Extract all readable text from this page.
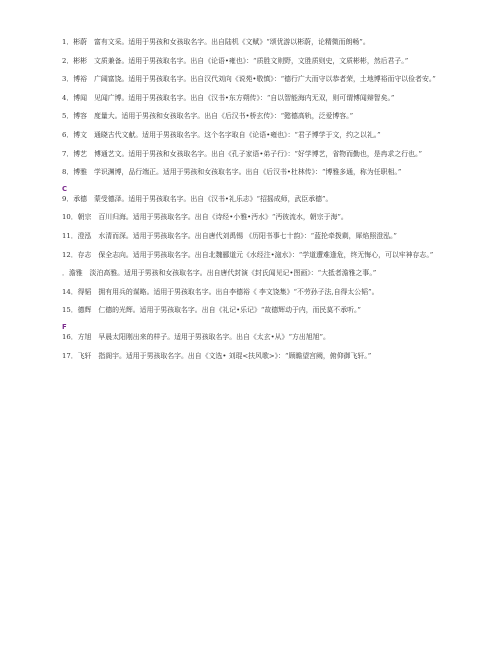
1．彬蔚　富有文采。适用于男孩和女孩取名字。出自陆机《文赋》“颂优游以彬蔚，论精微而朗畅”。

2．彬彬　文质兼备。适用于男孩取名字。出自《论语•雍也》：“质胜文则野，文胜质则史，文质彬彬，然后君子。”

3．博裕　广阔富饶。适用于男孩取名字。出自汉代刘向《说苑•敬慎》：“德行广大而守以恭者荣，土地博裕而守以俭者安。”

4．博闻　见闻广博。适用于男孩取名字。出自《汉书•东方朔传》：“自以智能海内无双，则可谓博闻辩智矣。”

5．博容　度量大。适用于男孩和女孩取名字。出自《后汉书•桥玄传》：“懿德高轨，泛爱博容。”

6．博文　通晓古代文献。适用于男孩取名字。这个名字取自《论语•雍也》：“君子博学于文，约之以礼。”

7．博艺　博通艺文。适用于男孩和女孩取名字。出自《孔子家语•弟子行》：“好学博艺，省物而勤也，是冉求之行也。”

8．博雅　学识渊博，品行端正。适用于男孩和女孩取名字。出自《后汉书•杜林传》：“博雅多通，称为任职相。”

C

9．承德　蒙受德泽。适用于男孩取名字。出自《汉书•礼乐志》“招摇成师，武臣承德”。

10．朝宗　百川归海。适用于男孩取名字。出自《诗经•小雅•沔水》“沔彼流水，朝宗于海”。

11．澄泓　水清而深。适用于男孩取名字。出自唐代刘禹锡 《历阳书事七十韵》：“蓝抡牵拨剩，犀焰照澄泓。”

12．存志　保全志向。适用于男孩取名字。出自北魏郦道元《水经注•滱水》：“学道遭难逢危，终无悔心，可以牢神存志。”

．澹雅　淡泊高雅。适用于男孩和女孩取名字。出自唐代封演《封氏闻见记•图画》：“大抵者澹雅之事。”

14．得韬　拥有用兵的谋略。适用于男孩取名字。出自李德裕《 李文饶集》“不劳孙子法,自得太公韬”。

15．德辉　仁德的光辉。适用于男孩取名字。出自《礼记•乐记》“故德辉动于内，而民莫不承听。”

F

16．方旭　早晨太阳刚出来的样子。适用于男孩取名字。出自《太玄•从》“方出旭旭”。

17．飞轩　指阁宇。适用于男孩取名字。出自《文选• 刘琨<扶风歌>》：“顾瞻望宫阙，俯仰御飞轩。”
